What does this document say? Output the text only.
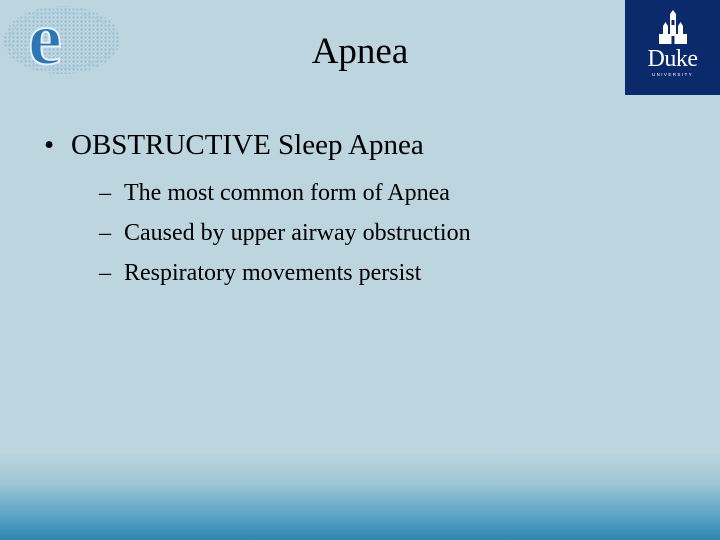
e	Duke
UNIVERSITY
Apnea
• OBSTRUCTIVE Sleep Apnea
– The most common form of Apnea
– Caused by upper airway obstruction
– Respiratory movements persist
